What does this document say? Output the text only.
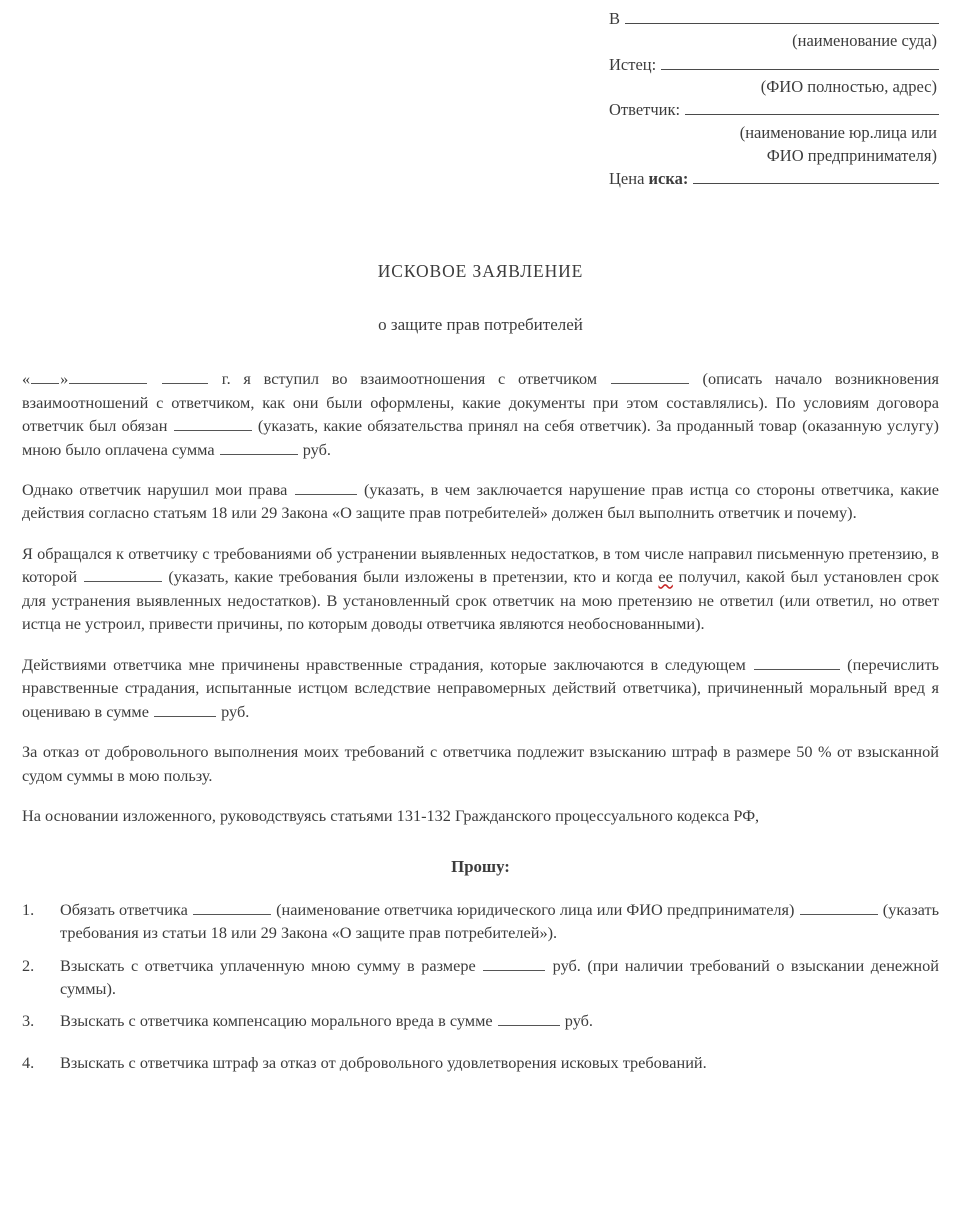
В
(наименование суда)
Истец:
(ФИО полностью, адрес)
Ответчик:
(наименование юр.лица или
ФИО предпринимателя)
Цена иска:
ИСКОВОЕ ЗАЯВЛЕНИЕ
о защите прав потребителей

« »	г. я вступил во взаимоотношения с ответчиком	(описать начало возникновения взаимоотношений с ответчиком, как они были оформлены, какие документы при этом составлялись). По условиям договора ответчик был обязан	(указать, какие обязательства принял на себя ответчик). За проданный товар (оказанную услугу) мною было оплачена сумма	руб.

Однако ответчик нарушил мои права	(указать, в чем заключается нарушение прав истца со стороны ответчика, какие действия согласно статьям 18 или 29 Закона «О защите прав потребителей» должен был выполнить ответчик и почему).

Я обращался к ответчику с требованиями об устранении выявленных недостатков, в том числе направил письменную претензию, в которой	(указать, какие требования были изложены в претензии, кто и когда ее получил, какой был установлен срок для устранения выявленных недостатков). В установленный срок ответчик на мою претензию не ответил (или ответил, но ответ истца не устроил, привести причины, по которым доводы ответчика являются необоснованными).

Действиями ответчика мне причинены нравственные страдания, которые заключаются в следующем	(перечислить нравственные страдания, испытанные истцом вследствие неправомерных действий ответчика), причиненный моральный вред я оцениваю в сумме	руб.

За отказ от добровольного выполнения моих требований с ответчика подлежит взысканию штраф в размере 50 % от взысканной судом суммы в мою пользу.

На основании изложенного, руководствуясь статьями 131-132 Гражданского процессуального кодекса РФ,

Прошу:
1.	Обязать ответчика	(наименование ответчика юридического лица или ФИО предпринимателя)	(указать требования из статьи 18 или 29 Закона «О защите прав потребителей»).
2.	Взыскать с ответчика уплаченную мною сумму в размере	руб. (при наличии требований о взыскании денежной суммы).
3.	Взыскать с ответчика компенсацию морального вреда в сумме	руб.
4.	Взыскать с ответчика штраф за отказ от добровольного удовлетворения исковых требований.
